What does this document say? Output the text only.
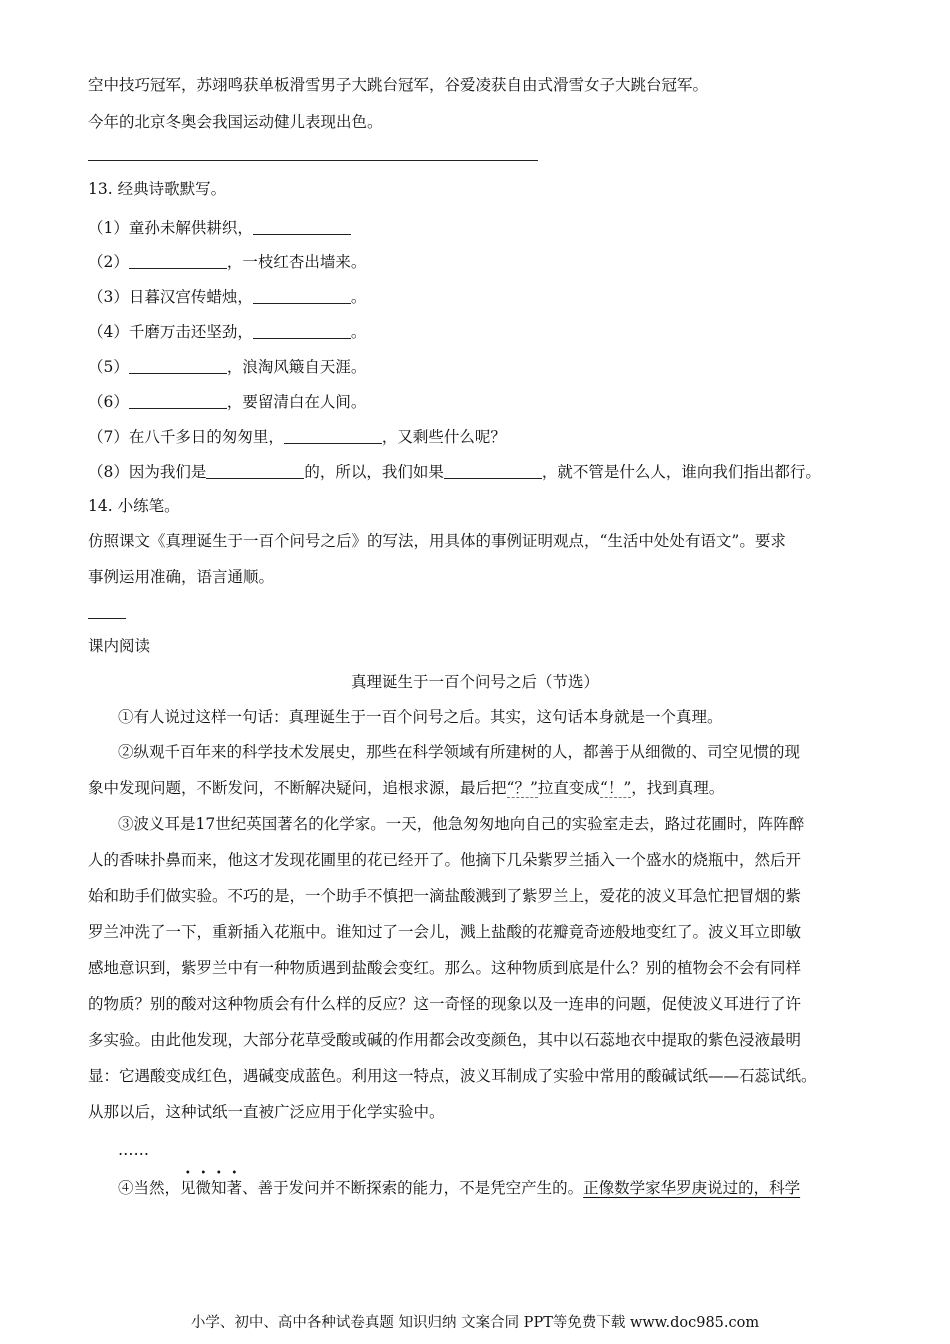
空中技巧冠军，苏翊鸣获单板滑雪男子大跳台冠军，谷爱凌获自由式滑雪女子大跳台冠军。
今年的北京冬奥会我国运动健儿表现出色。
13. 经典诗歌默写。
（1）童孙未解供耕织，
（2）	，一枝红杏出墙来。
（3）日暮汉宫传蜡烛，	。
（4）千磨万击还坚劲，	。
（5）	，浪淘风簸自天涯。
（6）	，要留清白在人间。
（7）在八千多日的匆匆里，	，又剩些什么呢？
（8）因为我们是	的，所以，我们如果	，就不管是什么人，谁向我们指出都行。
14. 小练笔。
仿照课文《真理诞生于一百个问号之后》的写法，用具体的事例证明观点，“生活中处处有语文”。要求
事例运用准确，语言通顺。
课内阅读
真理诞生于一百个问号之后（节选）
①有人说过这样一句话：真理诞生于一百个问号之后。其实，这句话本身就是一个真理。
②纵观千百年来的科学技术发展史，那些在科学领域有所建树的人，都善于从细微的、司空见惯的现
象中发现问题，不断发问，不断解决疑问，追根求源，最后把“？”拉直变成“！”，找到真理。
③波义耳是17世纪英国著名的化学家。一天，他急匆匆地向自己的实验室走去，路过花圃时，阵阵醉
人的香味扑鼻而来，他这才发现花圃里的花已经开了。他摘下几朵紫罗兰插入一个盛水的烧瓶中，然后开
始和助手们做实验。不巧的是，一个助手不慎把一滴盐酸溅到了紫罗兰上，爱花的波义耳急忙把冒烟的紫
罗兰冲洗了一下，重新插入花瓶中。谁知过了一会儿，溅上盐酸的花瓣竟奇迹般地变红了。波义耳立即敏
感地意识到，紫罗兰中有一种物质遇到盐酸会变红。那么。这种物质到底是什么？别的植物会不会有同样
的物质？别的酸对这种物质会有什么样的反应？这一奇怪的现象以及一连串的问题，促使波义耳进行了许
多实验。由此他发现，大部分花草受酸或碱的作用都会改变颜色，其中以石蕊地衣中提取的紫色浸液最明
显：它遇酸变成红色，遇碱变成蓝色。利用这一特点，波义耳制成了实验中常用的酸碱试纸——石蕊试纸。
从那以后，这种试纸一直被广泛应用于化学实验中。
……
④当然，见微知著、善于发问并不断探索的能力，不是凭空产生的。正像数学家华罗庚说过的，科学
小学、初中、高中各种试卷真题 知识归纳 文案合同 PPT等免费下载 www.doc985.com
